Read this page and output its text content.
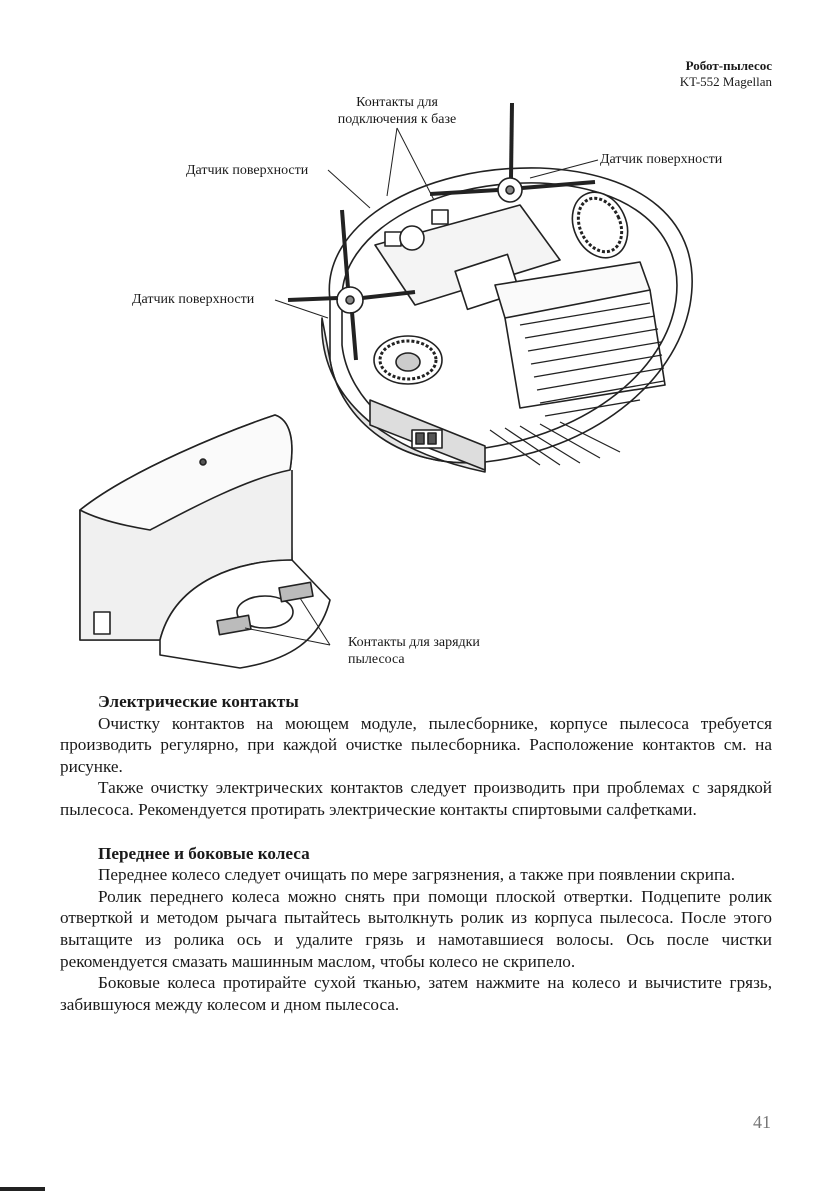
Робот-пылесос
KT-552 Magellan
Контакты для
подключения к базе
Датчик поверхности
Датчик поверхности
Датчик поверхности
Контакты для зарядки
пылесоса
Электрические контакты

Очистку контактов на моющем модуле, пылесборнике, корпусе пылесоса требуется производить регулярно, при каждой очистке пылесборника. Расположение контактов см. на рисунке.

Также очистку электрических контактов следует производить при проблемах с зарядкой пылесоса. Рекомендуется протирать электрические контакты спиртовыми салфетками.

Переднее и боковые колеса

Переднее колесо следует очищать по мере загрязнения, а также при появлении скрипа.

Ролик переднего колеса можно снять при помощи плоской отвертки. Подцепите ролик отверткой и методом рычага пытайтесь вытолкнуть ролик из корпуса пылесоса. После этого вытащите из ролика ось и удалите грязь и намотавшиеся волосы. Ось после чистки рекомендуется смазать машинным маслом, чтобы колесо не скрипело.

Боковые колеса протирайте сухой тканью, затем нажмите на колесо и вычистите грязь, забившуюся между колесом и дном пылесоса.

41
